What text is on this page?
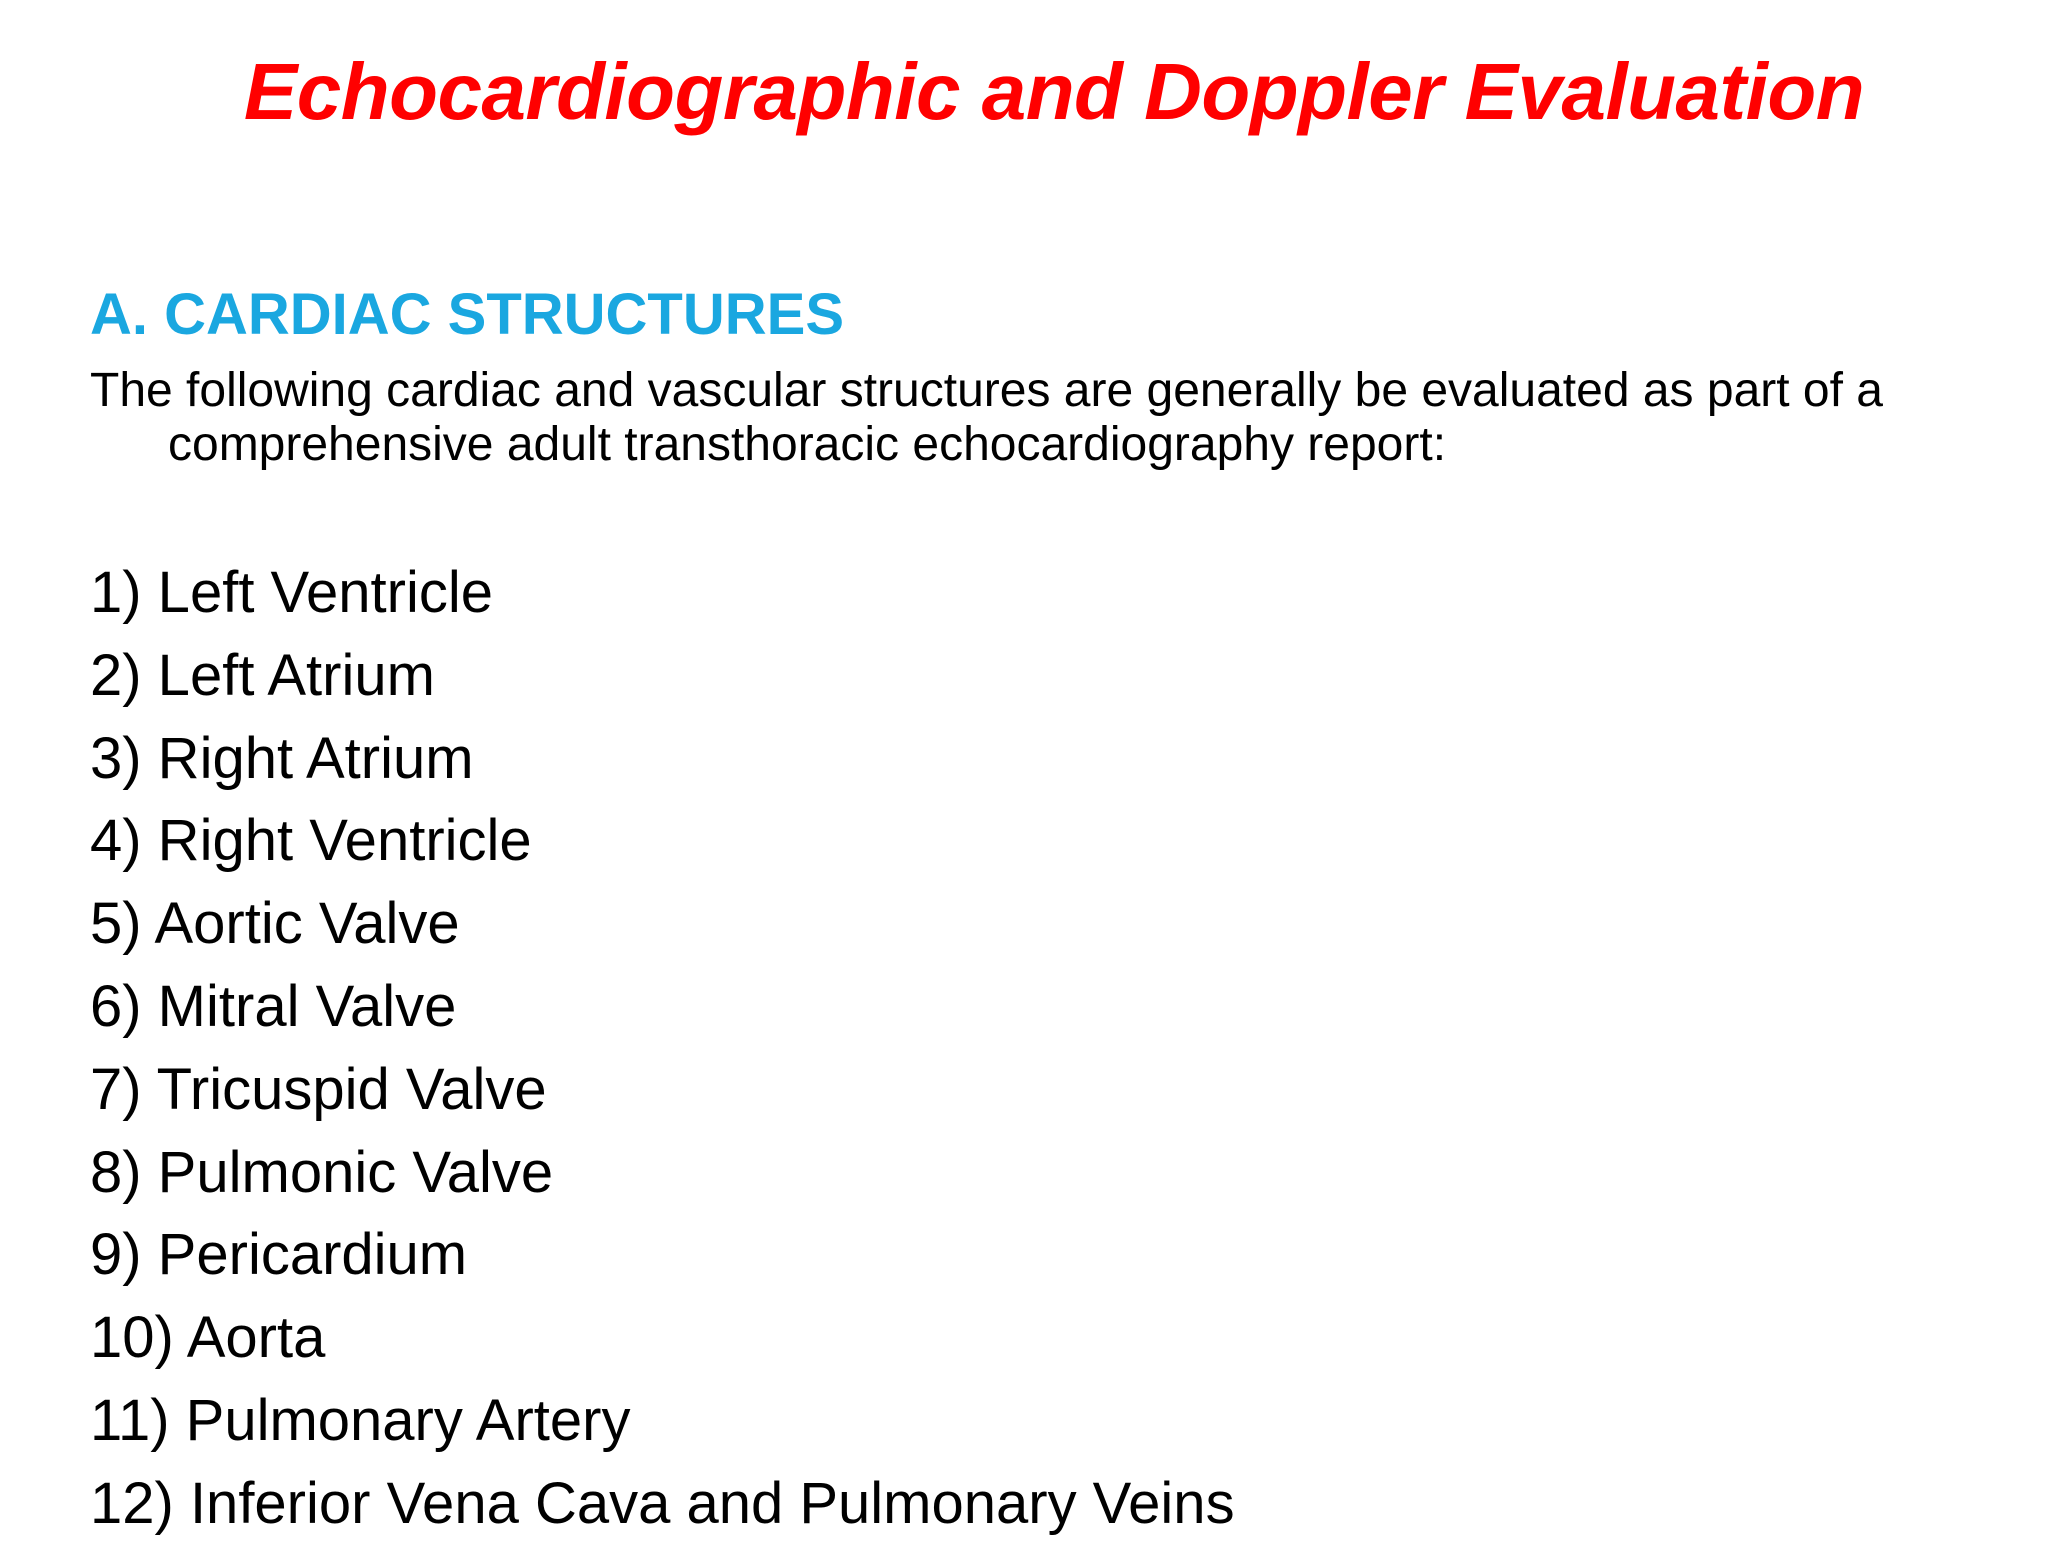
Echocardiographic and Doppler Evaluation
A. CARDIAC STRUCTURES

The following cardiac and vascular structures are generally be evaluated as part of a comprehensive adult transthoracic echocardiography report:

1) Left Ventricle
2) Left Atrium
3) Right Atrium
4) Right Ventricle
5) Aortic Valve
6) Mitral Valve
7) Tricuspid Valve
8) Pulmonic Valve
9) Pericardium
10) Aorta
11) Pulmonary Artery
12) Inferior Vena Cava and Pulmonary Veins
